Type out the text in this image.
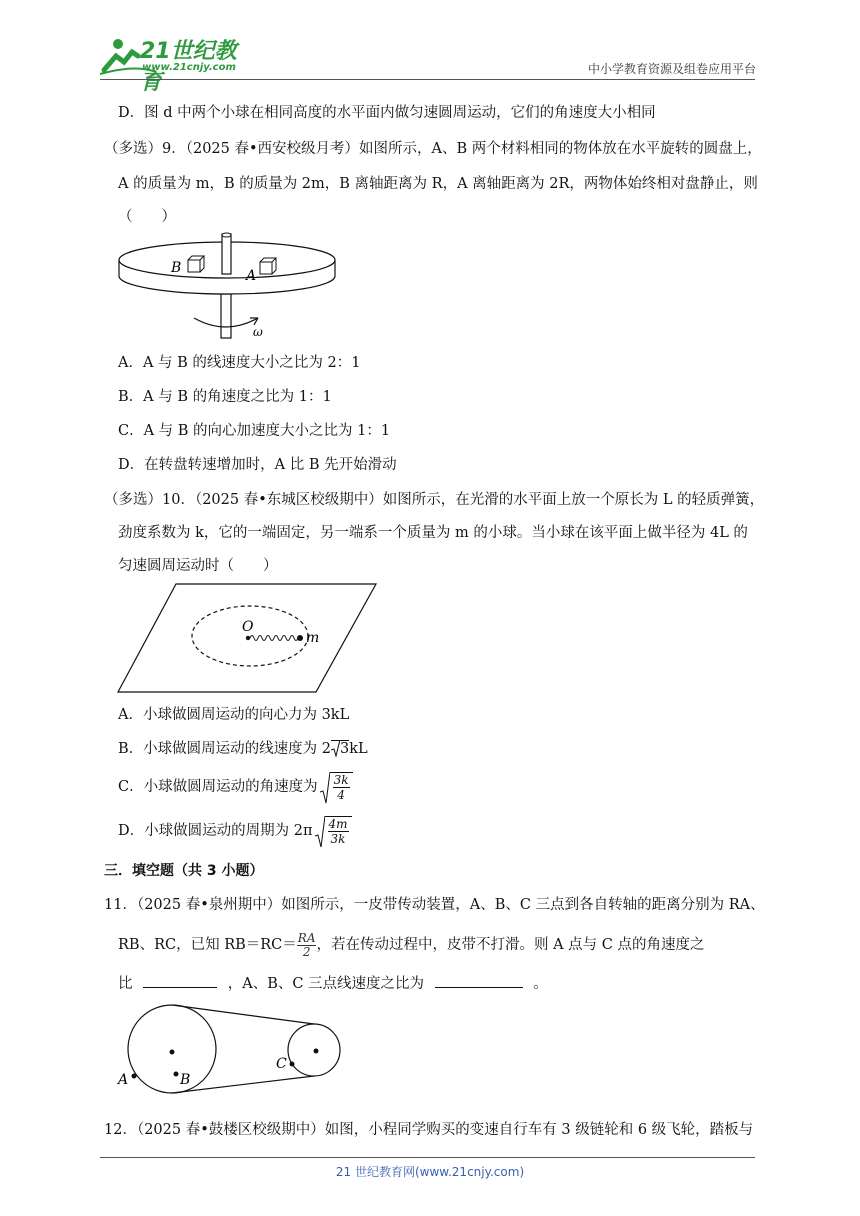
21世纪教育
www.21cnjy.com	中小学教育资源及组卷应用平台
D．图 d 中两个小球在相同高度的水平面内做匀速圆周运动，它们的角速度大小相同
（多选）9．（2025 春•西安校级月考）如图所示，A、B 两个材料相同的物体放在水平旋转的圆盘上，
A 的质量为 m，B 的质量为 2m，B 离轴距离为 R，A 离轴距离为 2R，两物体始终相对盘静止，则
（　　）
B	A
ω
A．A 与 B 的线速度大小之比为 2：1
B．A 与 B 的角速度之比为 1：1
C．A 与 B 的向心加速度大小之比为 1：1
D．在转盘转速增加时，A 比 B 先开始滑动
（多选）10．（2025 春•东城区校级期中）如图所示，在光滑的水平面上放一个原长为 L 的轻质弹簧，
劲度系数为 k，它的一端固定，另一端系一个质量为 m 的小球。当小球在该平面上做半径为 4L 的
匀速圆周运动时（　　）
O
m
A．小球做圆周运动的向心力为 3kL
B．小球做圆周运动的线速度为 2 3kL
C．小球做圆周运动的角速度为 $\frac{3k}{4}$
D．小球做圆运动的周期为 $2\pi \frac{4m}{3k}$
三．填空题（共 3 小题）
11．（2025 春•泉州期中）如图所示，一皮带传动装置，A、B、C 三点到各自转轴的距离分别为 RA、
RB、RC，已知 $RB=RC= \frac{RA}{2}$ ，若在传动过程中，皮带不打滑。则 A 点与 C 点的角速度之
比	，A、B、C 三点线速度之比为	。
A	B
C
12．（2025 春•鼓楼区校级期中）如图，小程同学购买的变速自行车有 3 级链轮和 6 级飞轮，踏板与
21 世纪教育网(www.21cnjy.com)
